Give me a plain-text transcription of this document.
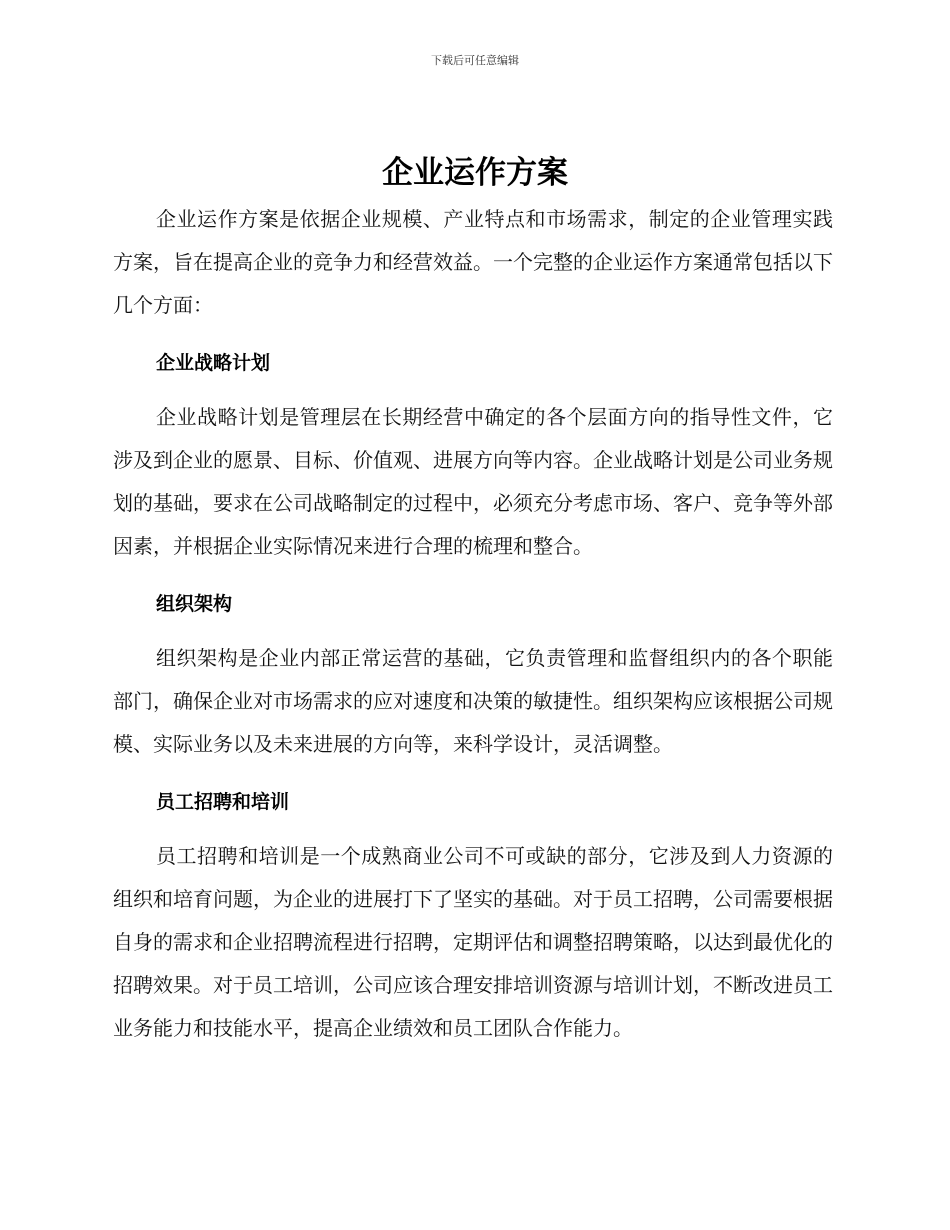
下载后可任意编辑
企业运作方案

企业运作方案是依据企业规模、产业特点和市场需求，制定的企业管理实践方案，旨在提高企业的竞争力和经营效益。一个完整的企业运作方案通常包括以下几个方面：

企业战略计划

企业战略计划是管理层在长期经营中确定的各个层面方向的指导性文件，它涉及到企业的愿景、目标、价值观、进展方向等内容。企业战略计划是公司业务规划的基础，要求在公司战略制定的过程中，必须充分考虑市场、客户、竞争等外部因素，并根据企业实际情况来进行合理的梳理和整合。

组织架构

组织架构是企业内部正常运营的基础，它负责管理和监督组织内的各个职能部门，确保企业对市场需求的应对速度和决策的敏捷性。组织架构应该根据公司规模、实际业务以及未来进展的方向等，来科学设计，灵活调整。

员工招聘和培训

员工招聘和培训是一个成熟商业公司不可或缺的部分，它涉及到人力资源的组织和培育问题，为企业的进展打下了坚实的基础。对于员工招聘，公司需要根据自身的需求和企业招聘流程进行招聘，定期评估和调整招聘策略，以达到最优化的招聘效果。对于员工培训，公司应该合理安排培训资源与培训计划，不断改进员工业务能力和技能水平，提高企业绩效和员工团队合作能力。
